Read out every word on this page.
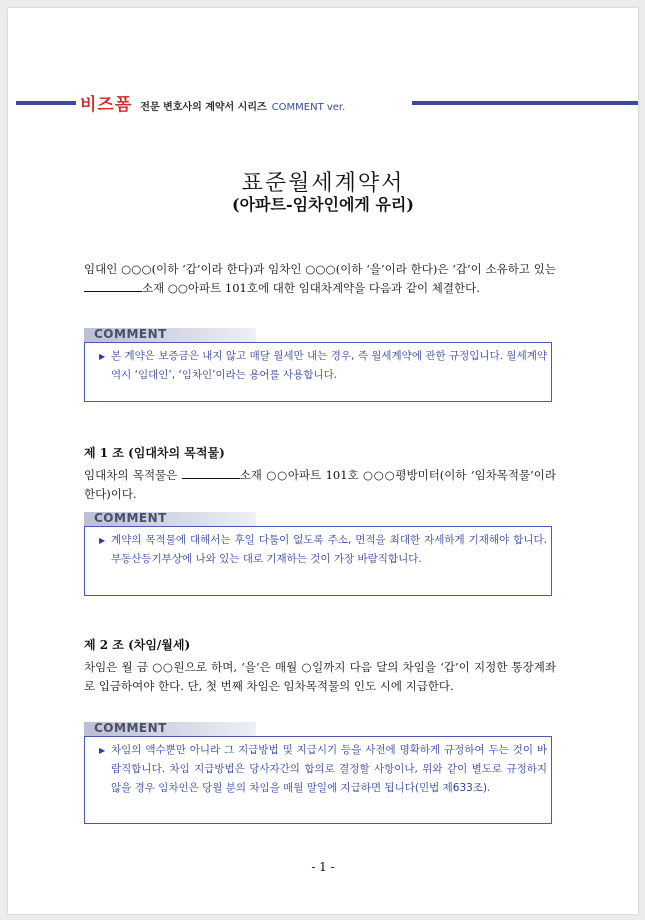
비즈폼 전문 변호사의 계약서 시리즈 COMMENT ver.
표준월세계약서
(아파트-임차인에게 유리)
임대인 ○○○(이하 ‘갑’이라 한다)과 임차인 ○○○(이하 ‘을’이라 한다)은 ‘갑’이 소유하고 있는 소재 ○○아파트 101호에 대한 임대차계약을 다음과 같이 체결한다.
COMMENT
▶ 본 계약은 보증금은 내지 않고 매달 월세만 내는 경우, 즉 월세계약에 관한 규정입니다. 월세계약 역시 ‘임대인’, ‘임차인’이라는 용어를 사용합니다.
제 1 조 (임대차의 목적물)
임대차의 목적물은	소재 ○○아파트 101호 ○○○평방미터(이하 ‘임차목적물’이라 한다)이다.
COMMENT
▶ 계약의 목적물에 대해서는 후일 다툼이 없도록 주소, 면적을 최대한 자세하게 기재해야 합니다. 부동산등기부상에 나와 있는 대로 기재하는 것이 가장 바람직합니다.
제 2 조 (차임/월세)
차임은 월 금 ○○원으로 하며, ‘을’은 매월 ○일까지 다음 달의 차임을 ‘갑’이 지정한 통장계좌로 입금하여야 한다. 단, 첫 번째 차임은 임차목적물의 인도 시에 지급한다.
COMMENT
▶ 차임의 액수뿐만 아니라 그 지급방법 및 지급시기 등을 사전에 명확하게 규정하여 두는 것이 바람직합니다. 차임 지급방법은 당사자간의 합의로 결정할 사항이나, 위와 같이 별도로 규정하지 않을 경우 임차인은 당월 분의 차임을 매월 말일에 지급하면 됩니다(민법 제633조).
- 1 -
